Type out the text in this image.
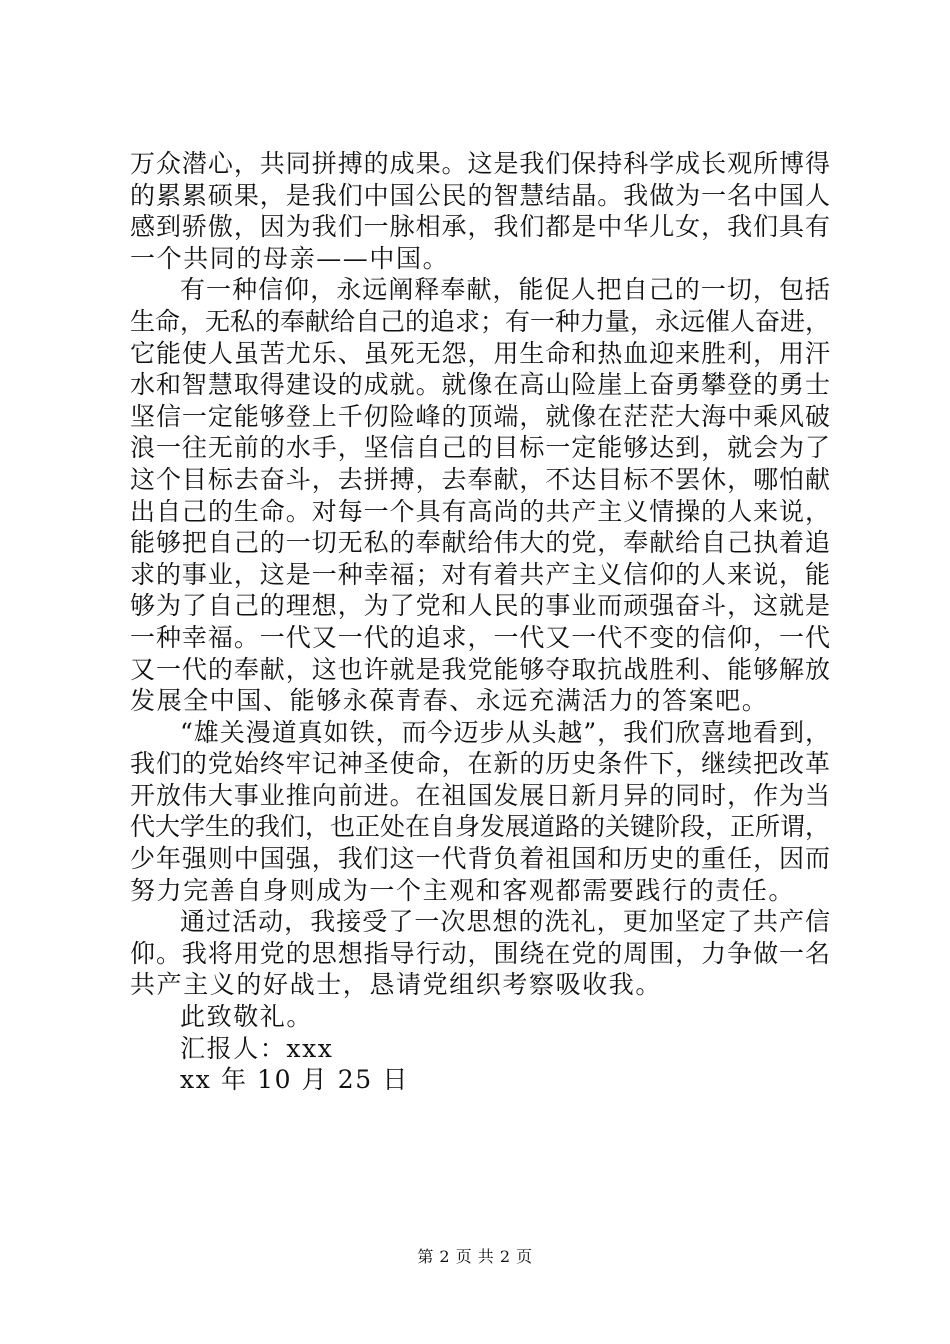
万众潜心，共同拼搏的成果。这是我们保持科学成长观所博得
的累累硕果，是我们中国公民的智慧结晶。我做为一名中国人
感到骄傲，因为我们一脉相承，我们都是中华儿女，我们具有
一个共同的母亲——中国。
有一种信仰，永远阐释奉献，能促人把自己的一切，包括
生命，无私的奉献给自己的追求；有一种力量，永远催人奋进，
它能使人虽苦尤乐、虽死无怨，用生命和热血迎来胜利，用汗
水和智慧取得建设的成就。就像在高山险崖上奋勇攀登的勇士
坚信一定能够登上千仞险峰的顶端，就像在茫茫大海中乘风破
浪一往无前的水手，坚信自己的目标一定能够达到，就会为了
这个目标去奋斗，去拼搏，去奉献，不达目标不罢休，哪怕献
出自己的生命。对每一个具有高尚的共产主义情操的人来说，
能够把自己的一切无私的奉献给伟大的党，奉献给自己执着追
求的事业，这是一种幸福；对有着共产主义信仰的人来说，能
够为了自己的理想，为了党和人民的事业而顽强奋斗，这就是
一种幸福。一代又一代的追求，一代又一代不变的信仰，一代
又一代的奉献，这也许就是我党能够夺取抗战胜利、能够解放
发展全中国、能够永葆青春、永远充满活力的答案吧。
“雄关漫道真如铁，而今迈步从头越”，我们欣喜地看到，
我们的党始终牢记神圣使命，在新的历史条件下，继续把改革
开放伟大事业推向前进。在祖国发展日新月异的同时，作为当
代大学生的我们，也正处在自身发展道路的关键阶段，正所谓，
少年强则中国强，我们这一代背负着祖国和历史的重任，因而
努力完善自身则成为一个主观和客观都需要践行的责任。
通过活动，我接受了一次思想的洗礼，更加坚定了共产信
仰。我将用党的思想指导行动，围绕在党的周围，力争做一名
共产主义的好战士，恳请党组织考察吸收我。
此致敬礼。
汇报人：xxx
xx 年 10 月 25 日
第 2 页 共 2 页
